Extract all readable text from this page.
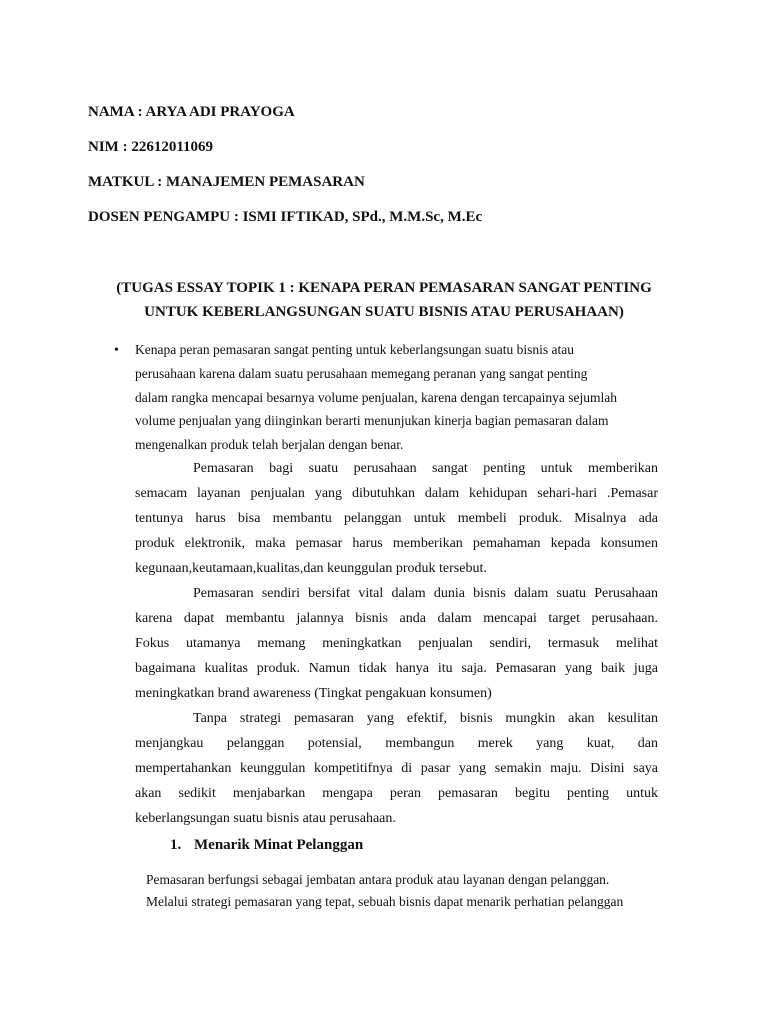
NAMA : ARYA ADI PRAYOGA

NIM : 22612011069

MATKUL : MANAJEMEN PEMASARAN

DOSEN PENGAMPU : ISMI IFTIKAD, SPd., M.M.Sc, M.Ec

(TUGAS ESSAY TOPIK 1 : KENAPA PERAN PEMASARAN SANGAT PENTING
UNTUK KEBERLANGSUNGAN SUATU BISNIS ATAU PERUSAHAAN)
• Kenapa peran pemasaran sangat penting untuk keberlangsungan suatu bisnis atau
perusahaan karena dalam suatu perusahaan memegang peranan yang sangat penting
dalam rangka mencapai besarnya volume penjualan, karena dengan tercapainya sejumlah
volume penjualan yang diinginkan berarti menunjukan kinerja bagian pemasaran dalam
mengenalkan produk telah berjalan dengan benar.
Pemasaran bagi suatu perusahaan sangat penting untuk memberikan
semacam layanan penjualan yang dibutuhkan dalam kehidupan sehari-hari .Pemasar
tentunya harus bisa membantu pelanggan untuk membeli produk. Misalnya ada
produk elektronik, maka pemasar harus memberikan pemahaman kepada konsumen
kegunaan,keutamaan,kualitas,dan keunggulan produk tersebut.
Pemasaran sendiri bersifat vital dalam dunia bisnis dalam suatu Perusahaan
karena dapat membantu jalannya bisnis anda dalam mencapai target perusahaan.
Fokus utamanya memang meningkatkan penjualan sendiri, termasuk melihat
bagaimana kualitas produk. Namun tidak hanya itu saja. Pemasaran yang baik juga
meningkatkan brand awareness (Tingkat pengakuan konsumen)
Tanpa strategi pemasaran yang efektif, bisnis mungkin akan kesulitan
menjangkau pelanggan potensial, membangun merek yang kuat, dan
mempertahankan keunggulan kompetitifnya di pasar yang semakin maju. Disini saya
akan sedikit menjabarkan mengapa peran pemasaran begitu penting untuk
keberlangsungan suatu bisnis atau perusahaan.
1. Menarik Minat Pelanggan
Pemasaran berfungsi sebagai jembatan antara produk atau layanan dengan pelanggan.
Melalui strategi pemasaran yang tepat, sebuah bisnis dapat menarik perhatian pelanggan
